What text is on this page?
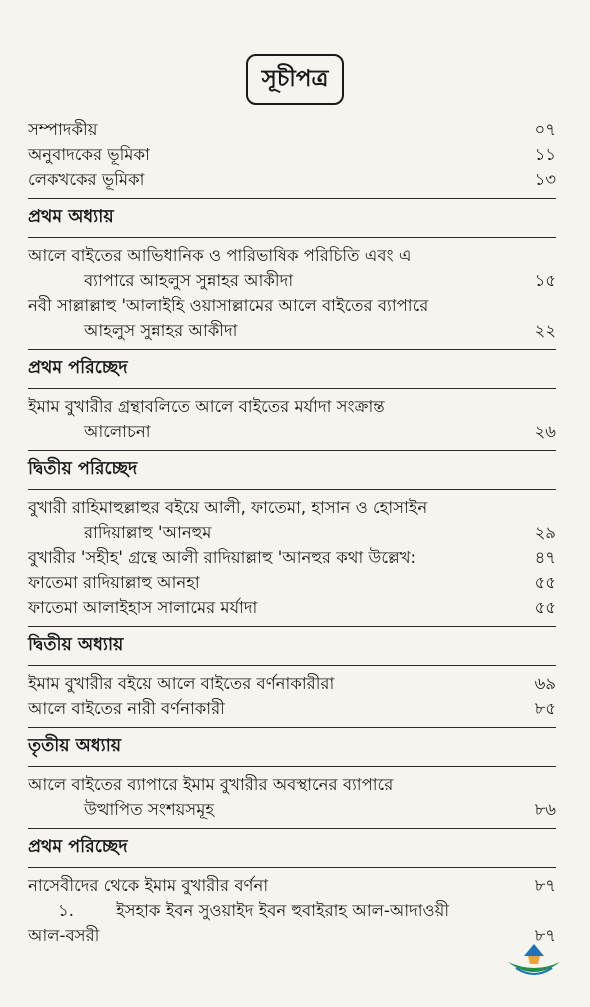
সূচীপত্র
সম্পাদকীয়	০৭
অনুবাদকের ভূমিকা	১১
লেকখকের ভূমিকা	১৩
প্রথম অধ্যায়
আলে বাইতের আভিধানিক ও পারিভাষিক পরিচিতি এবং এ
ব্যাপারে আহলুস সুন্নাহর আকীদা	১৫
নবী সাল্লাল্লাহু 'আলাইহি ওয়াসাল্লামের আলে বাইতের ব্যাপারে
আহলুস সুন্নাহর আকীদা	২২
প্রথম পরিচ্ছেদ
ইমাম বুখারীর গ্রন্থাবলিতে আলে বাইতের মর্যাদা সংক্রান্ত
আলোচনা	২৬
দ্বিতীয় পরিচ্ছেদ
বুখারী রাহিমাহুল্লাহুর বইয়ে আলী, ফাতেমা, হাসান ও হোসাইন
রাদিয়াল্লাহু 'আনহুম	২৯
বুখারীর 'সহীহ' গ্রন্থে আলী রাদিয়াল্লাহু 'আনহুর কথা উল্লেখ:	৪৭
ফাতেমা রাদিয়াল্লাহু আনহা	৫৫
ফাতেমা আলাইহাস সালামের মর্যাদা	৫৫
দ্বিতীয় অধ্যায়
ইমাম বুখারীর বইয়ে আলে বাইতের বর্ণনাকারীরা	৬৯
আলে বাইতের নারী বর্ণনাকারী	৮৫
তৃতীয় অধ্যায়
আলে বাইতের ব্যাপারে ইমাম বুখারীর অবস্থানের ব্যাপারে
উত্থাপিত সংশয়সমূহ	৮৬
প্রথম পরিচ্ছেদ
নাসেবীদের থেকে ইমাম বুখারীর বর্ণনা	৮৭
১.	ইসহাক ইবন সুওয়াইদ ইবন হুবাইরাহ আল-আদাওয়ী
আল-বসরী	৮৭
